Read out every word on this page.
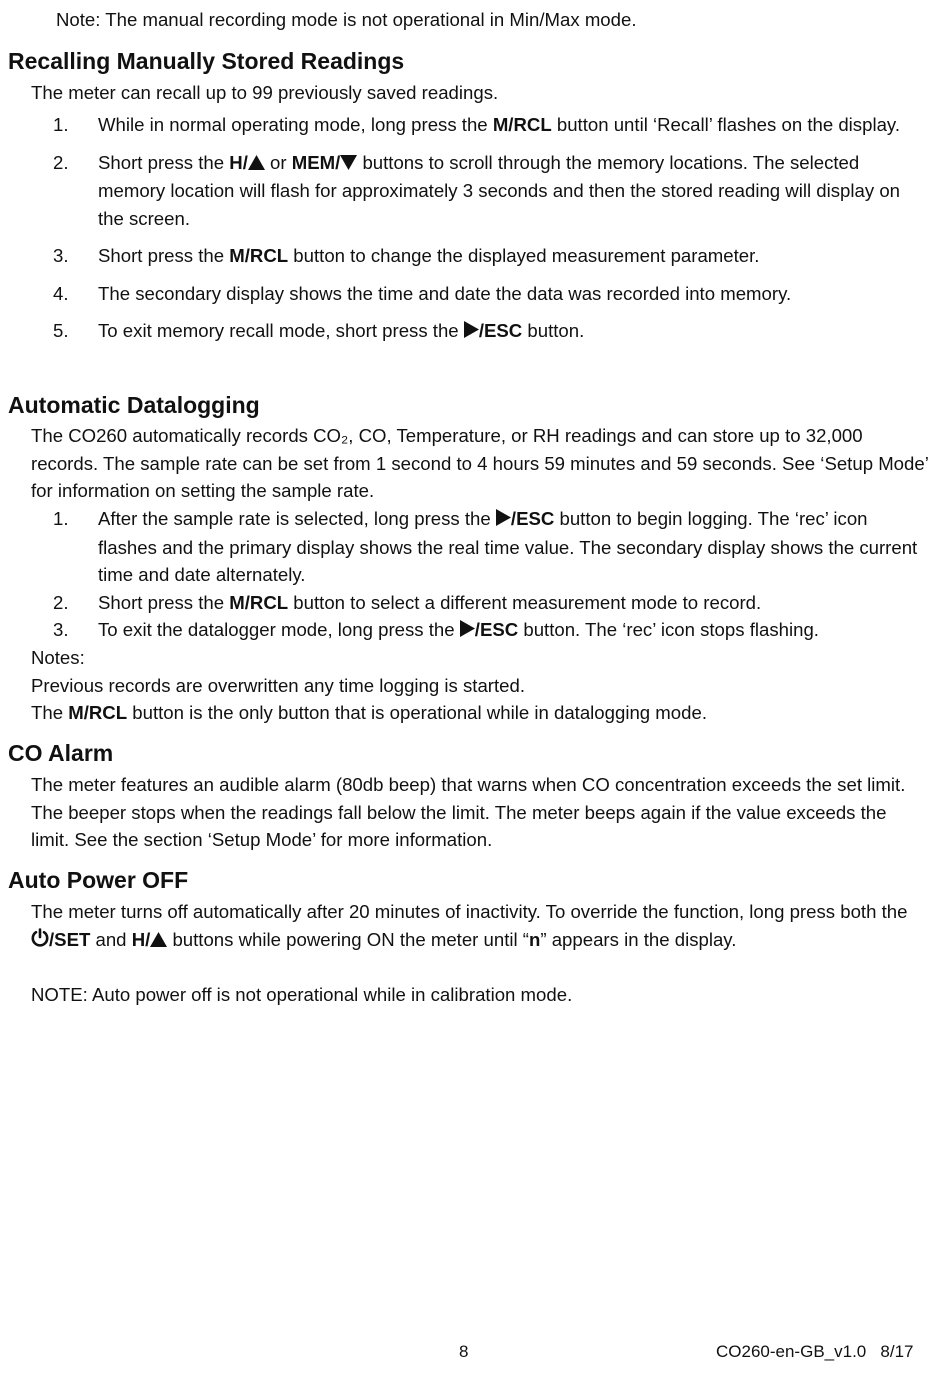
Note: The manual recording mode is not operational in Min/Max mode.

Recalling Manually Stored Readings

The meter can recall up to 99 previously saved readings.

1. While in normal operating mode, long press the M/RCL button until ‘Recall’ flashes on the display.
2. Short press the H/ or MEM/ buttons to scroll through the memory locations. The selected memory location will flash for approximately 3 seconds and then the stored reading will display on the screen.
3. Short press the M/RCL button to change the displayed measurement parameter.
4. The secondary display shows the time and date the data was recorded into memory.
5. To exit memory recall mode, short press the /ESC button.
Automatic Datalogging

The CO260 automatically records CO₂, CO, Temperature, or RH readings and can store up to 32,000 records. The sample rate can be set from 1 second to 4 hours 59 minutes and 59 seconds. See ‘Setup Mode’ for information on setting the sample rate.

1. After the sample rate is selected, long press the /ESC button to begin logging. The ‘rec’ icon flashes and the primary display shows the real time value. The secondary display shows the current time and date alternately.
2. Short press the M/RCL button to select a different measurement mode to record.
3. To exit the datalogger mode, long press the /ESC button. The ‘rec’ icon stops flashing.

Notes:

Previous records are overwritten any time logging is started.

The M/RCL button is the only button that is operational while in datalogging mode.

CO Alarm

The meter features an audible alarm (80db beep) that warns when CO concentration exceeds the set limit. The beeper stops when the readings fall below the limit. The meter beeps again if the value exceeds the limit. See the section ‘Setup Mode’ for more information.

Auto Power OFF

The meter turns off automatically after 20 minutes of inactivity. To override the function, long press both the /SET and H/ buttons while powering ON the meter until “n” appears in the display.

NOTE: Auto power off is not operational while in calibration mode.

8	CO260-en-GB_v1.0   8/17
